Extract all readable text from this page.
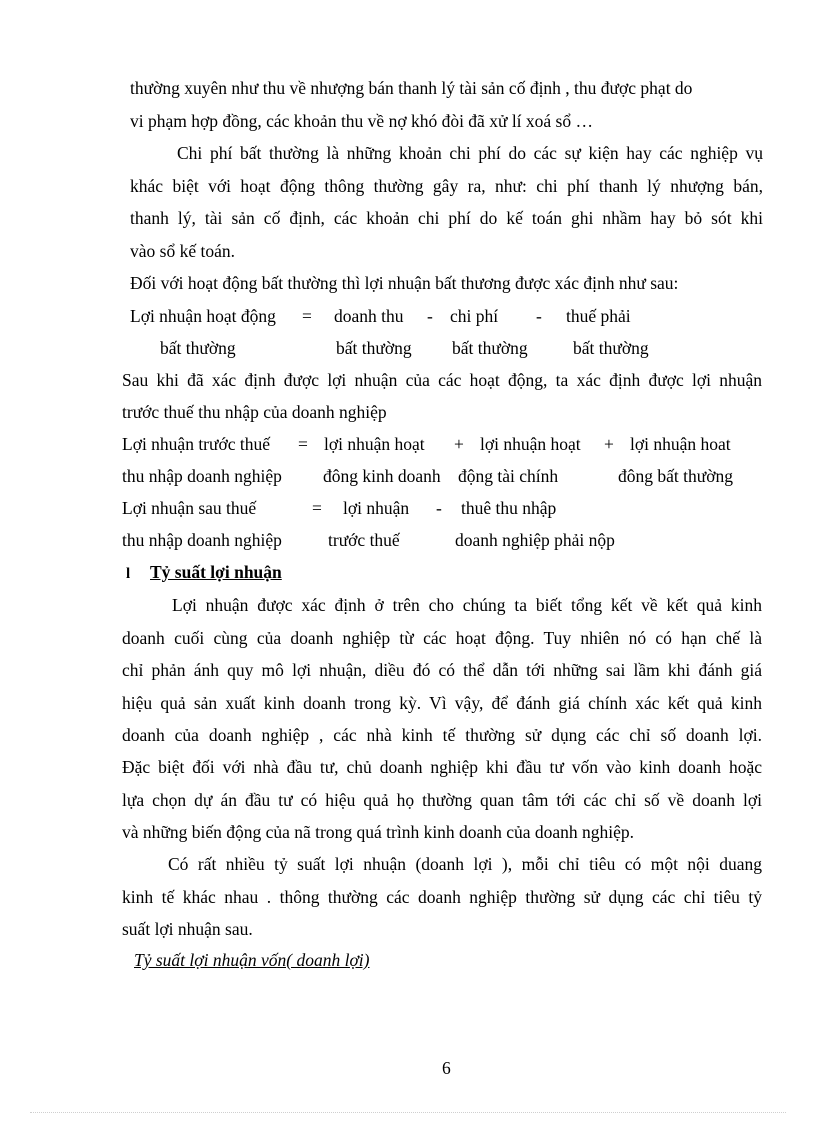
thường xuyên như thu về nhượng bán thanh lý tài sản cố định , thu được phạt do
vi phạm hợp đồng, các khoản thu về nợ khó đòi đã xử lí xoá sổ …
Chi phí bất thường là những khoản chi phí do các sự kiện hay các nghiệp vụ
khác biệt với hoạt động thông thường gây ra, như: chi phí thanh lý nhượng bán,
thanh lý, tài sản cố định, các khoản chi phí do kế toán ghi nhầm hay bỏ sót khi
vào sổ kế toán.
Đối với hoạt động bất thường thì lợi nhuận bất thương được xác định như sau:
Lợi nhuận hoạt động = doanh thu - chi phí - thuế phải
bất thường	bất thường bất thường	bất thường
Sau khi đã xác định được lợi nhuận của các hoạt động, ta xác định được lợi nhuận
trước thuế thu nhập của doanh nghiệp
Lợi nhuận trước thuế = lợi nhuận hoạt + lợi nhuận hoạt + lợi nhuận hoat
thu nhập doanh nghiệp đông kinh doanh động tài chính	đông bất thường
Lợi nhuận sau thuế	= lợi nhuận - thuê thu nhập
thu nhập doanh nghiệp	trước thuế	doanh nghiệp phải nộp
l Tỷ suất lợi nhuận
Lợi nhuận được xác định ở trên cho chúng ta biết tổng kết về kết quả kinh
doanh cuối cùng của doanh nghiệp từ các hoạt động. Tuy nhiên nó có hạn chế là
chỉ phản ánh quy mô lợi nhuận, diều đó có thể dẫn tới những sai lầm khi đánh giá
hiệu quả sản xuất kinh doanh trong kỳ. Vì vậy, để đánh giá chính xác kết quả kinh
doanh của doanh nghiệp , các nhà kinh tế thường sử dụng các chỉ số doanh lợi.
Đặc biệt đối với nhà đầu tư, chủ doanh nghiệp khi đầu tư vốn vào kinh doanh hoặc
lựa chọn dự án đầu tư có hiệu quả họ thường quan tâm tới các chỉ số về doanh lợi
và những biến động của nã trong quá trình kinh doanh của doanh nghiệp.
Có rất nhiều tỷ suất lợi nhuận (doanh lợi ), mỗi chỉ tiêu có một nội duang
kinh tế khác nhau . thông thường các doanh nghiệp thường sử dụng các chỉ tiêu tỷ
suất lợi nhuận sau.
Tỷ suất lợi nhuận vốn( doanh lợi)
6
